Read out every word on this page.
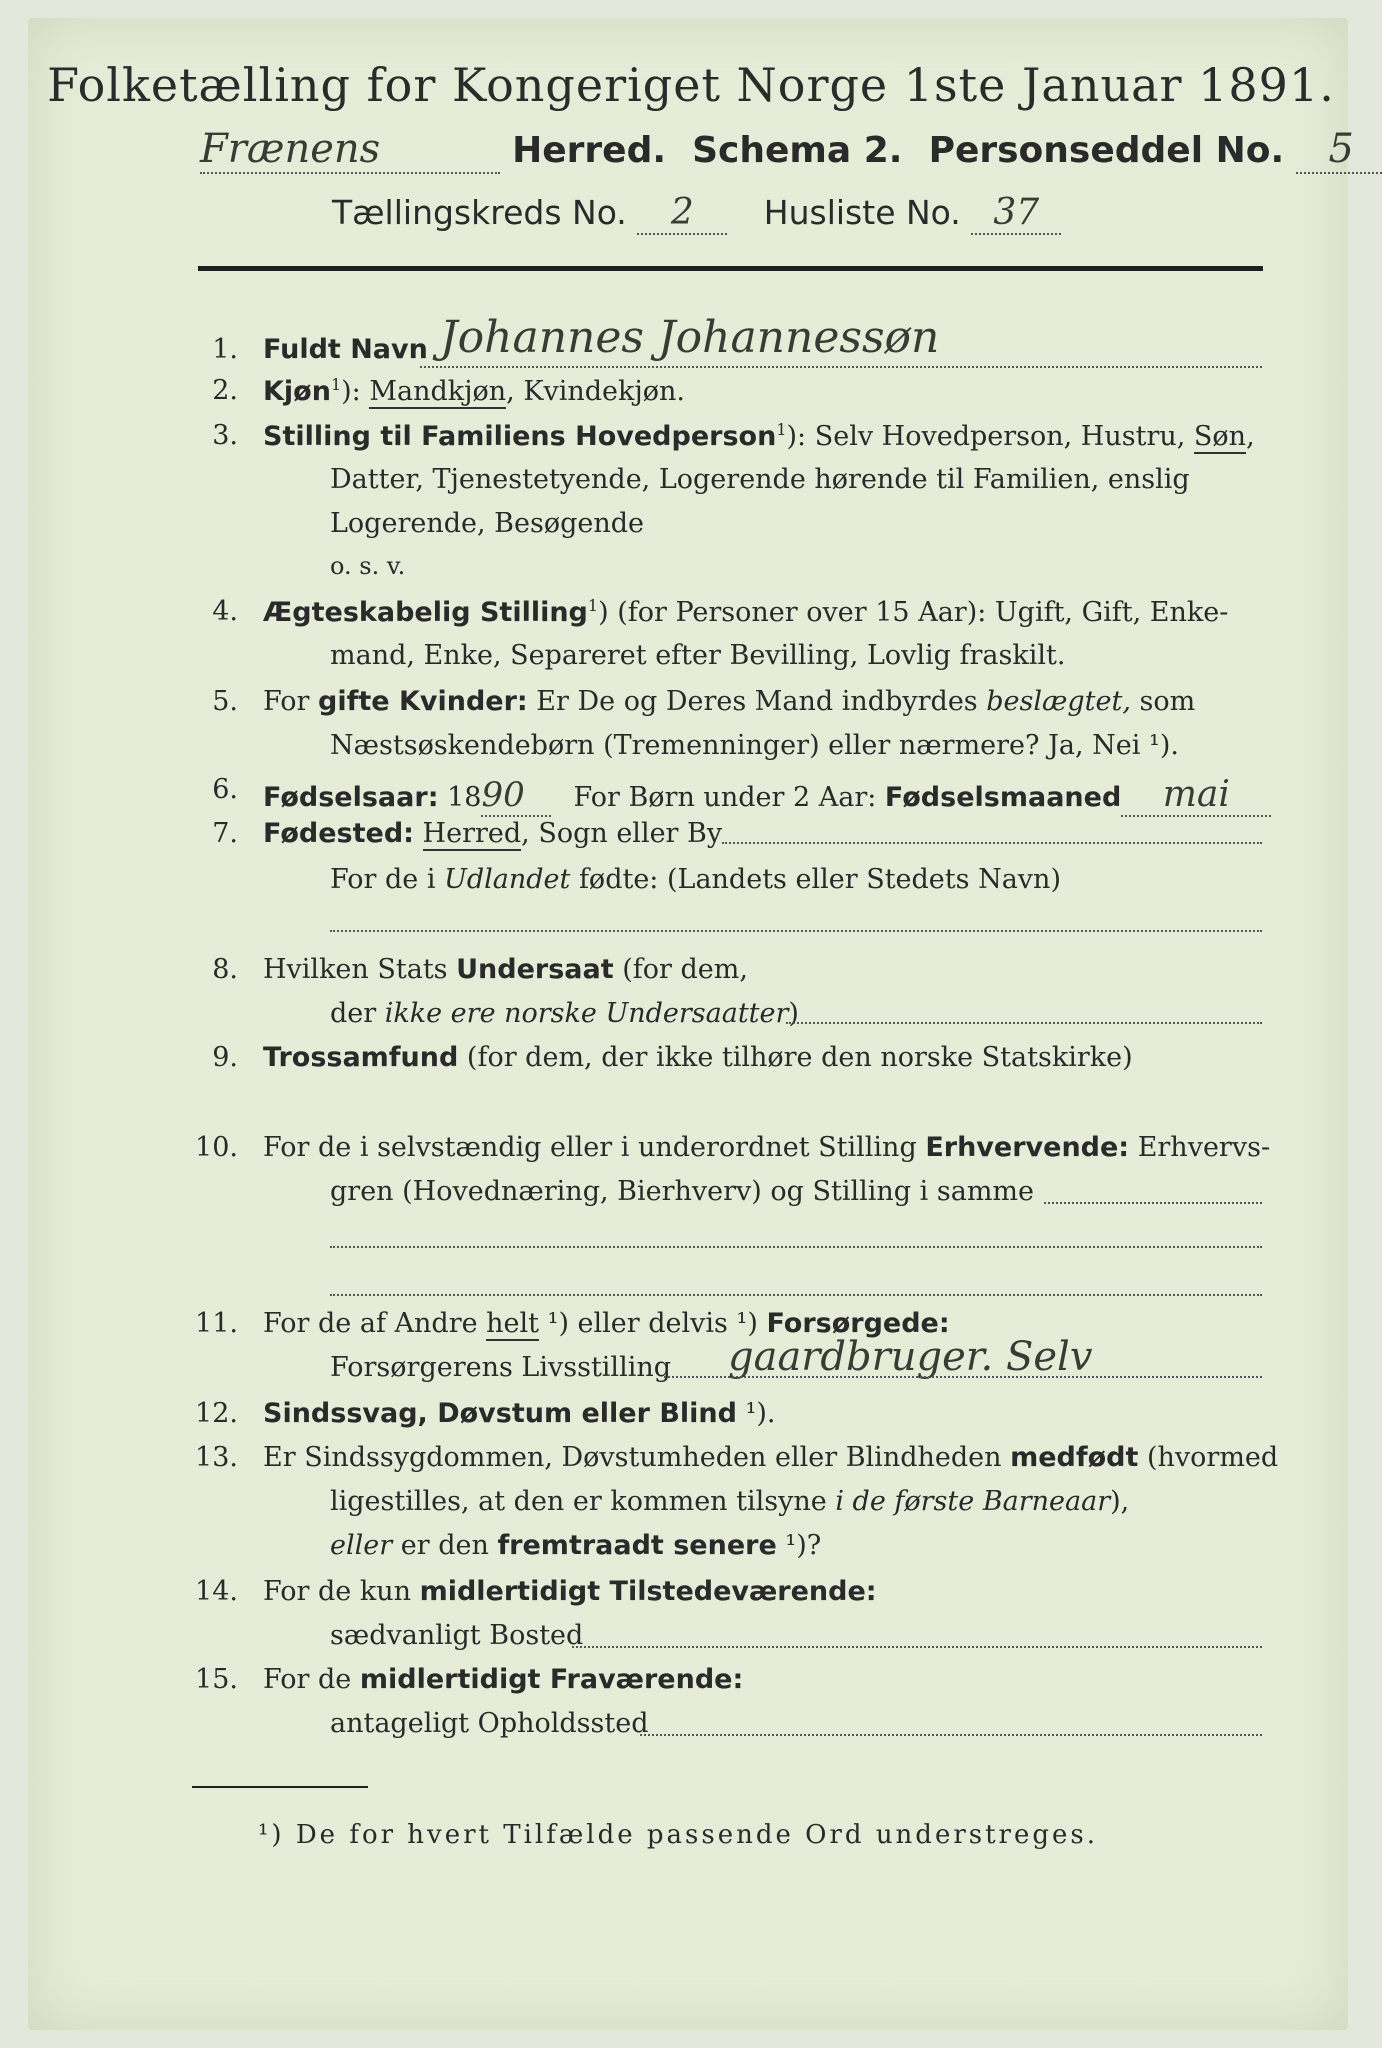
Folketælling for Kongeriget Norge 1ste Januar 1891.
Frænens	Herred. Schema 2. Personseddel No. 5
Tællingskreds No. 2 Husliste No. 37
1. Fuldt Navn Johannes Johannessøn
2. Kjøn$^1$): Mandkjøn, Kvindekjøn.
3. Stilling til Familiens Hovedperson$^1$): Selv Hovedperson, Hustru, Søn,
Datter, Tjenestetyende, Logerende hørende til Familien, enslig
Logerende, Besøgende
o. s. v.
4. Ægteskabelig Stilling$^1$) (for Personer over 15 Aar): Ugift, Gift, Enke-
mand, Enke, Separeret efter Bevilling, Lovlig fraskilt.
5. For gifte Kvinder: Er De og Deres Mand indbyrdes beslægtet, som
Næstsøskendebørn (Tremenninger) eller nærmere? Ja, Nei ¹).
6. Fødselsaar: 1890 For Børn under 2 Aar: Fødselsmaaned mai
7. Fødested: Herred, Sogn eller By
For de i Udlandet fødte: (Landets eller Stedets Navn)
8. Hvilken Stats Undersaat (for dem,
der ikke ere norske Undersaatter)
9. Trossamfund (for dem, der ikke tilhøre den norske Statskirke)
10. For de i selvstændig eller i underordnet Stilling Erhvervende: Erhvervs-
gren (Hovednæring, Bierhverv) og Stilling i samme
11. For de af Andre helt ¹) eller delvis ¹) Forsørgede:
Forsørgerens Livsstilling gaardbruger. Selv
12. Sindssvag, Døvstum eller Blind ¹).
13. Er Sindssygdommen, Døvstumheden eller Blindheden medfødt (hvormed
ligestilles, at den er kommen tilsyne i de første Barneaar),
eller er den fremtraadt senere ¹)?
14. For de kun midlertidigt Tilstedeværende:
sædvanligt Bosted
15. For de midlertidigt Fraværende:
antageligt Opholdssted
¹) De for hvert Tilfælde passende Ord understreges.
